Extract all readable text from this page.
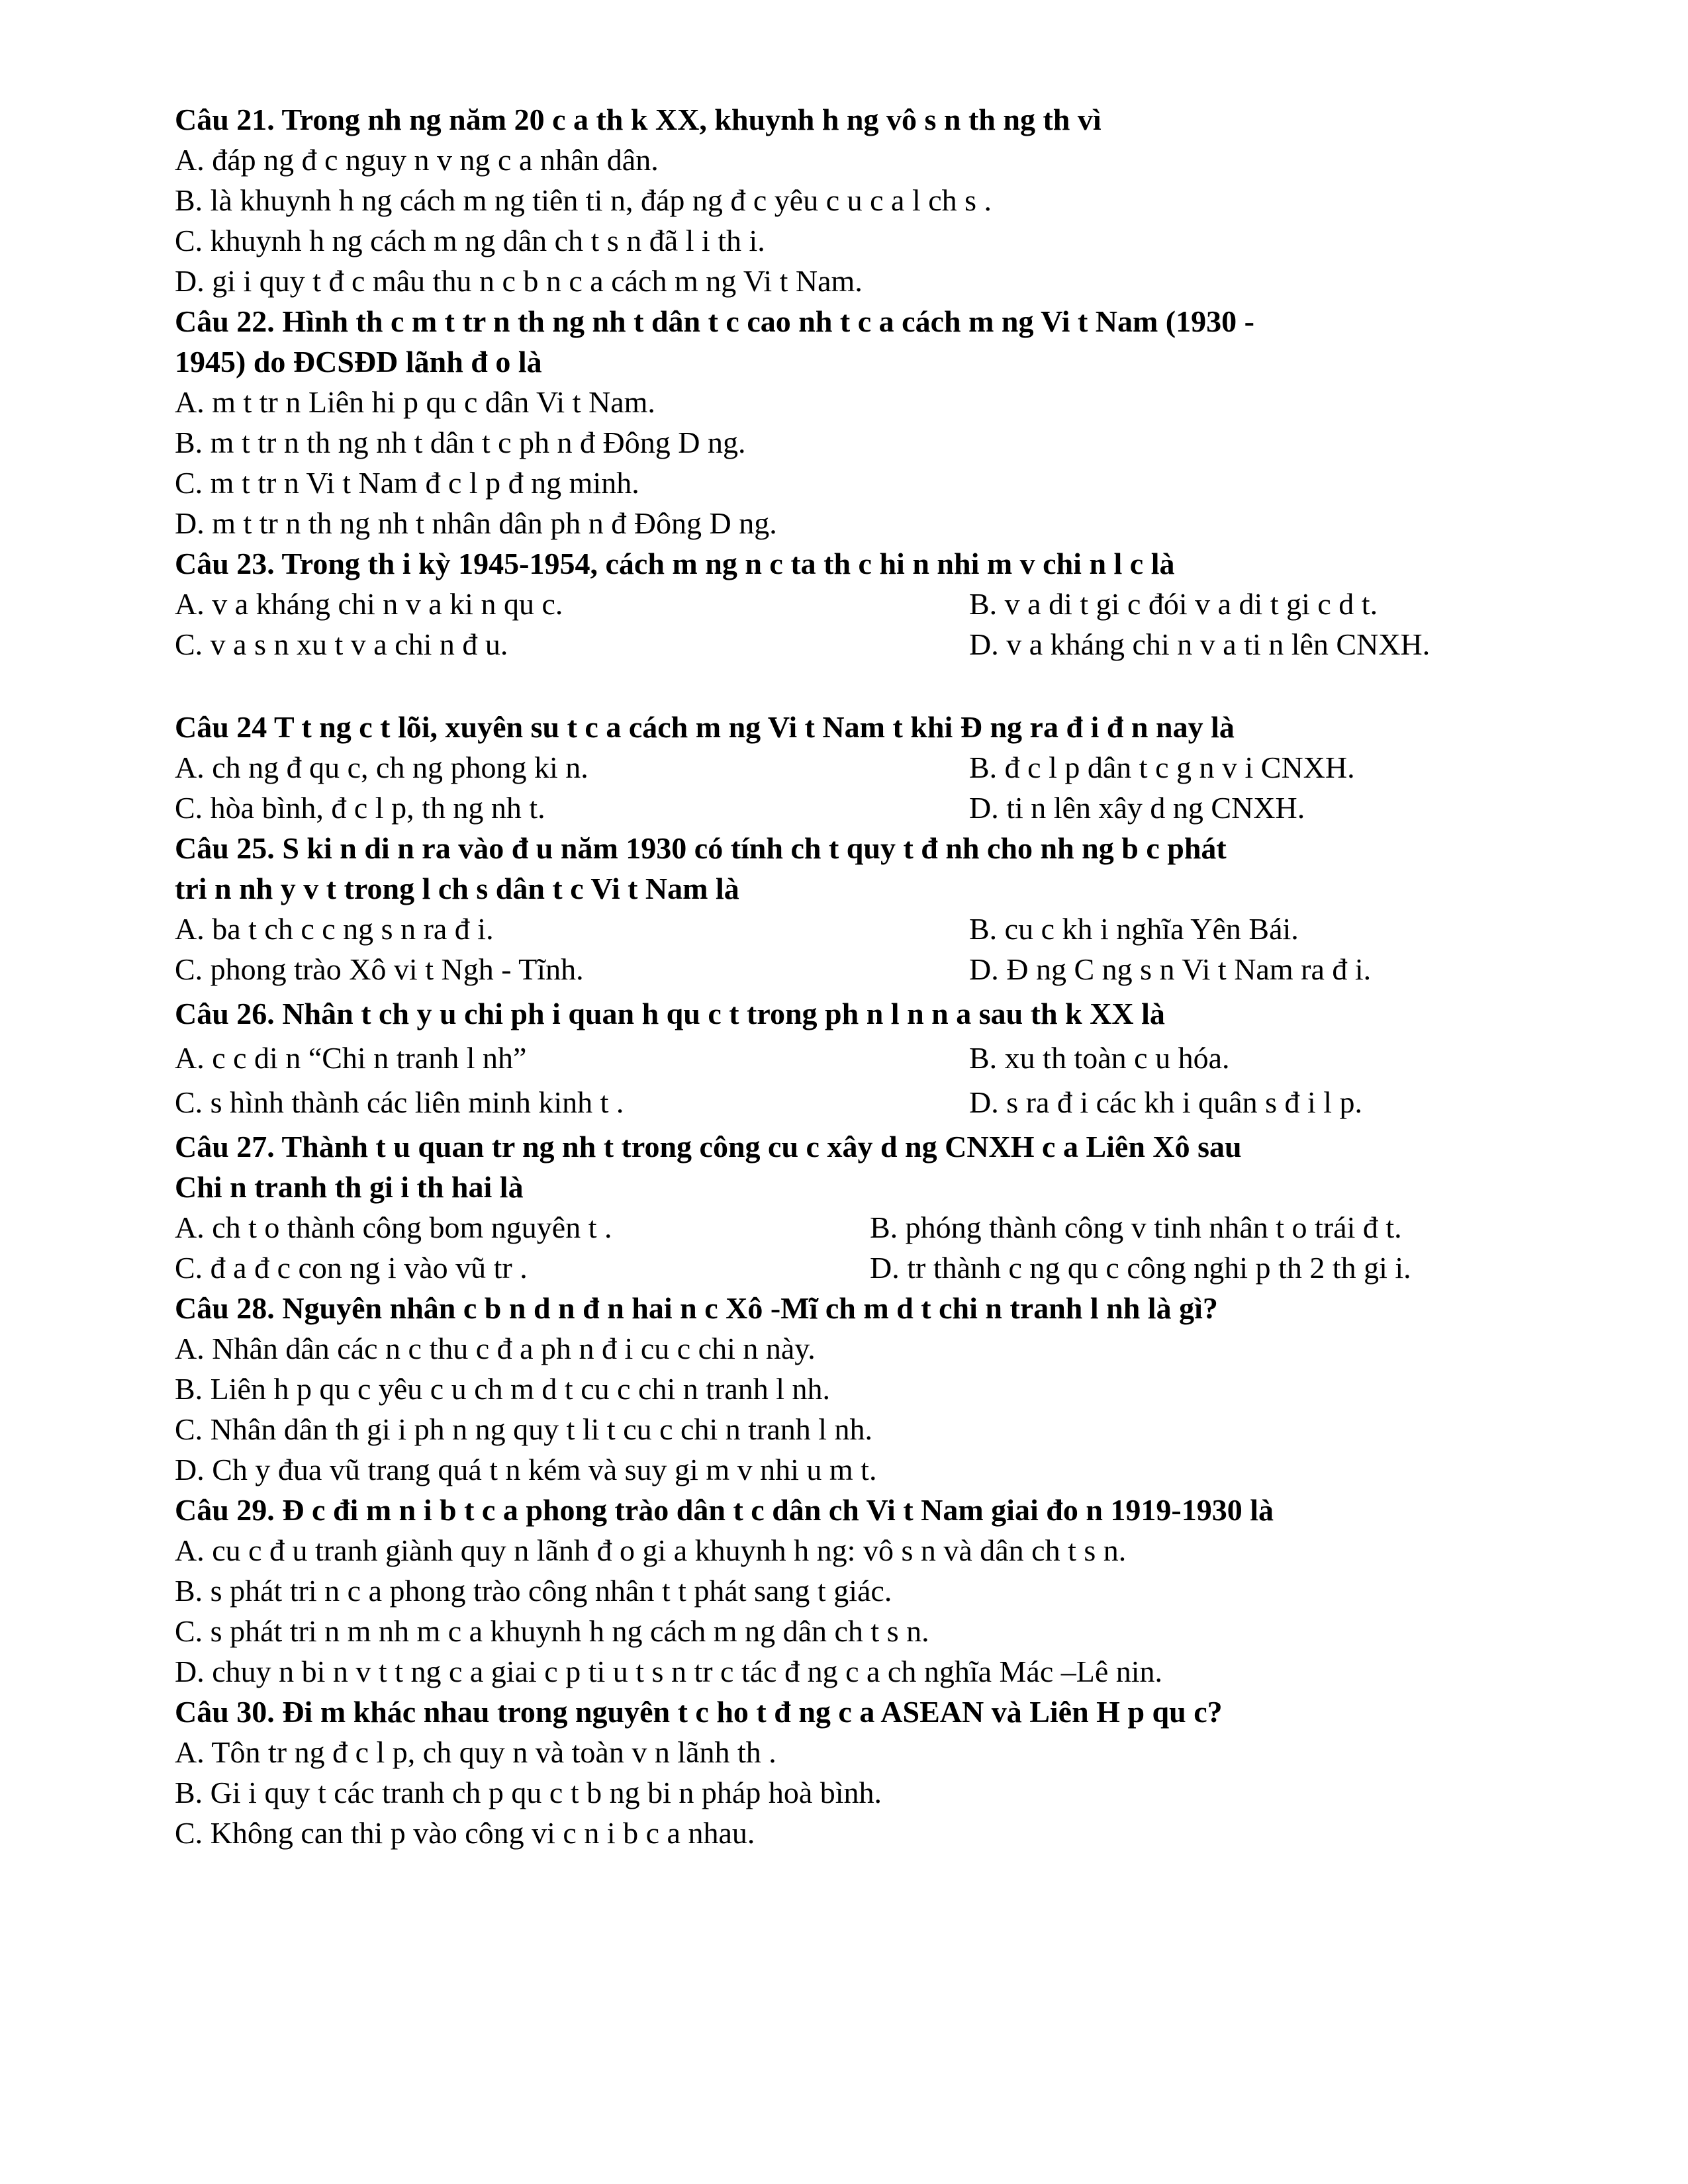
Câu 21. Trong nh ng năm 20 c a th k XX, khuynh h ng vô s n th ng th vì
A. đáp ng đ c nguy n v ng c a nhân dân.
B. là khuynh h ng cách m ng tiên ti n, đáp ng đ c yêu c u c a l ch s .
C. khuynh h ng cách m ng dân ch t s n đã l i th i.
D. gi i quy t đ c mâu thu n c b n c a cách m ng Vi t Nam.
Câu 22. Hình th c m t tr n th ng nh t dân t c cao nh t c a cách m ng Vi t Nam (1930 -
1945) do ĐCSĐD lãnh đ o là
A. m t tr n Liên hi p qu c dân Vi t Nam.
B. m t tr n th ng nh t dân t c ph n đ Đông D ng.
C. m t tr n Vi t Nam đ c l p đ ng minh.
D. m t tr n th ng nh t nhân dân ph n đ Đông D ng.
Câu 23. Trong th i kỳ 1945-1954, cách m ng n c ta th c hi n nhi m v chi n l c là
A. v a kháng chi n v a ki n qu c.	B. v a di t gi c đói v a di t gi c d t.
C. v a s n xu t v a chi n đ u.	D. v a kháng chi n v a ti n lên CNXH.
Câu 24 T t ng c t lõi, xuyên su t c a cách m ng Vi t Nam t khi Đ ng ra đ i đ n nay là
A. ch ng đ qu c, ch ng phong ki n.	B. đ c l p dân t c g n v i CNXH.
C. hòa bình, đ c l p, th ng nh t.	D. ti n lên xây d ng CNXH.
Câu 25. S ki n di n ra vào đ u năm 1930 có tính ch t quy t đ nh cho nh ng b c phát
tri n nh y v t trong l ch s dân t c Vi t Nam là
A. ba t ch c c ng s n ra đ i.	B. cu c kh i nghĩa Yên Bái.
C. phong trào Xô vi t Ngh - Tĩnh.	D. Đ ng C ng s n Vi t Nam ra đ i.
Câu 26. Nhân t ch y u chi ph i quan h qu c t trong ph n l n n a sau th k XX là
A. c c di n “Chi n tranh l nh”	B. xu th toàn c u hóa.
C. s hình thành các liên minh kinh t .	D. s ra đ i các kh i quân s đ i l p.
Câu 27. Thành t u quan tr ng nh t trong công cu c xây d ng CNXH c a Liên Xô sau
Chi n tranh th gi i th hai là
A. ch t o thành công bom nguyên t .	B. phóng thành công v tinh nhân t o trái đ t.
C. đ a đ c con ng i vào vũ tr .	D. tr thành c ng qu c công nghi p th 2 th gi i.
Câu 28. Nguyên nhân c b n d n đ n hai n c Xô -Mĩ ch m d t chi n tranh l nh là gì?
A. Nhân dân các n c thu c đ a ph n đ i cu c chi n này.
B. Liên h p qu c yêu c u ch m d t cu c chi n tranh l nh.
C. Nhân dân th gi i ph n ng quy t li t cu c chi n tranh l nh.
D. Ch y đua vũ trang quá t n kém và suy gi m v nhi u m t.
Câu 29. Đ c đi m n i b t c a phong trào dân t c dân ch Vi t Nam giai đo n 1919-1930 là
A. cu c đ u tranh giành quy n lãnh đ o gi a khuynh h ng: vô s n và dân ch t s n.
B. s phát tri n c a phong trào công nhân t t phát sang t giác.
C. s phát tri n m nh m c a khuynh h ng cách m ng dân ch t s n.
D. chuy n bi n v t t ng c a giai c p ti u t s n tr c tác đ ng c a ch nghĩa Mác –Lê nin.
Câu 30. Đi m khác nhau trong nguyên t c ho t đ ng c a ASEAN và Liên H p qu c?
A. Tôn tr ng đ c l p, ch quy n và toàn v n lãnh th .
B. Gi i quy t các tranh ch p qu c t b ng bi n pháp hoà bình.
C. Không can thi p vào công vi c n i b c a nhau.
